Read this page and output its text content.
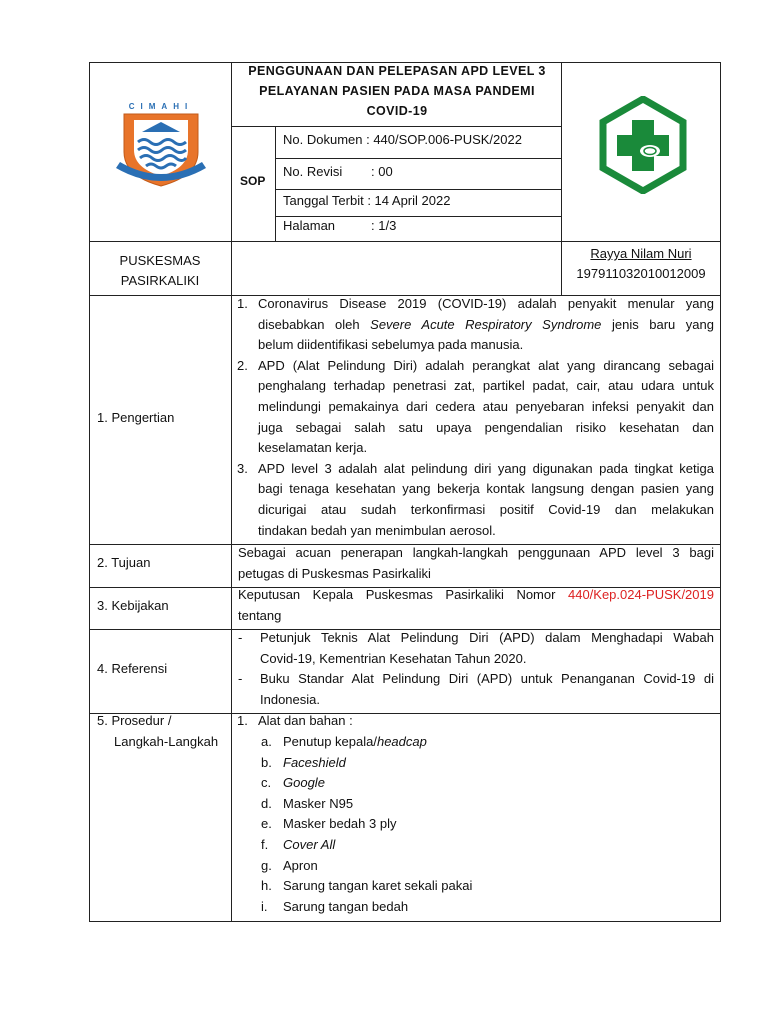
CIMAHI
PENGGUNAAN DAN PELEPASAN APD LEVEL 3
PELAYANAN PASIEN PADA MASA PANDEMI
COVID-19
SOP
No. Dokumen : 440/SOP.006-PUSK/2022
No. Revisi : 00
Tanggal Terbit : 14 April 2022
Halaman	: 1/3
PUSKESMAS
PASIRKALIKI
Rayya Nilam Nuri
197911032010012009
1. Pengertian
1. Coronavirus Disease 2019 (COVID-19) adalah penyakit menular yang
disebabkan oleh Severe Acute Respiratory Syndrome jenis baru yang
belum diidentifikasi sebelumya pada manusia.
2. APD (Alat Pelindung Diri) adalah perangkat alat yang dirancang sebagai
penghalang terhadap penetrasi zat, partikel padat, cair, atau udara untuk
melindungi pemakainya dari cedera atau penyebaran infeksi penyakit dan
juga sebagai salah satu upaya pengendalian risiko kesehatan dan
keselamatan kerja.
3. APD level 3 adalah alat pelindung diri yang digunakan pada tingkat ketiga
bagi tenaga kesehatan yang bekerja kontak langsung dengan pasien yang
dicurigai atau sudah terkonfirmasi positif Covid-19 dan melakukan
tindakan bedah yan menimbulan aerosol.
2. Tujuan
Sebagai acuan penerapan langkah-langkah penggunaan APD level 3 bagi
petugas di Puskesmas Pasirkaliki
3. Kebijakan
Keputusan Kepala Puskesmas Pasirkaliki Nomor 440/Kep.024-PUSK/2019
tentang
4. Referensi
- Petunjuk Teknis Alat Pelindung Diri (APD) dalam Menghadapi Wabah
Covid-19, Kementrian Kesehatan Tahun 2020.
- Buku Standar Alat Pelindung Diri (APD) untuk Penanganan Covid-19 di
Indonesia.
5. Prosedur /
Langkah-Langkah
1. Alat dan bahan :
a. Penutup kepala/headcap
b. Faceshield
c. Google
d. Masker N95
e. Masker bedah 3 ply
f. Cover All
g. Apron
h. Sarung tangan karet sekali pakai
i. Sarung tangan bedah
